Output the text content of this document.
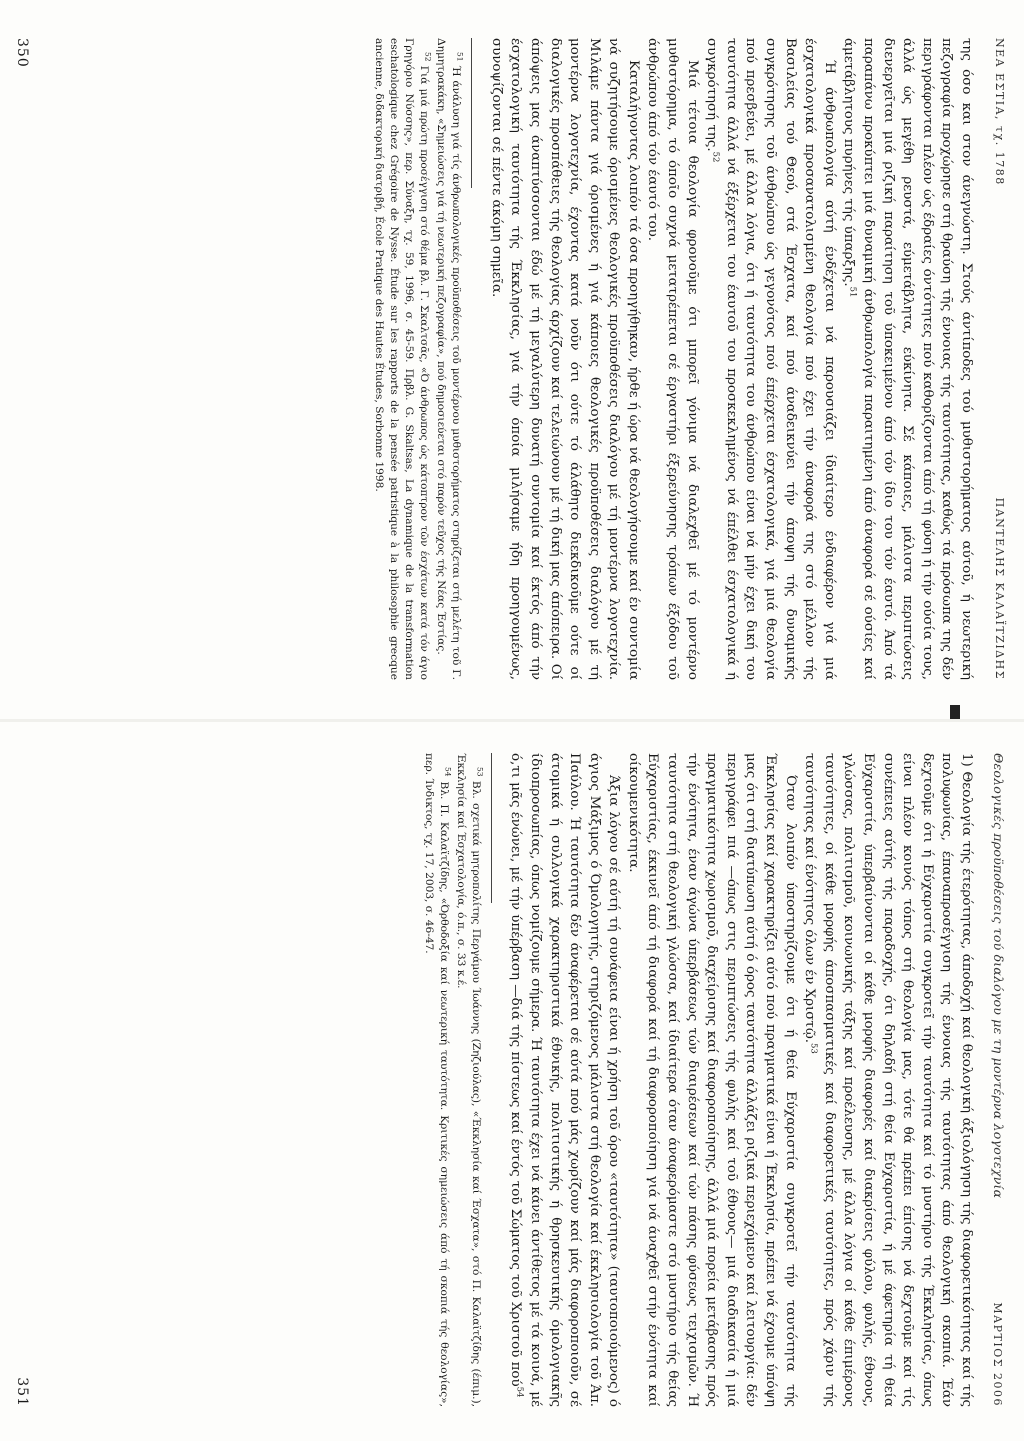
ΝΕΑ ΕΣΤΙΑ, τχ. 1788
ΠΑΝΤΕΛΗΣ ΚΑΛΑΪΤΖΙΔΗΣ

της όσο και στον άνεγνώστη. Στούς άντίποδες τού μυθιστορήματος αύτοῦ, ή νεωτερική πεζογραφία προχώρησε στή θραύση τῆς έννοιας τής ταυτότητας, καθώς τά πρόσωπα της δέν περιγράφονται πλέον ώς έδραίες όντότητες πού καθορίζονται άπό τή φύση ή τήν ούσία τους, άλλά ώς μεγέθη ρευστά, εύμετάβλητα, εύκίνητα. Σέ κάποιες, μάλιστα περιπτώσεις διενεργεῖται μιά ριζική παραίτηση τοῦ ύποκειμένου άπό τόν ίδιο του τόν έαυτό. Άπό τά παραπάνω προκύπτει μιά δυναμική άνθρωπολογία παραιτημένη άπό άναφορά σέ ούσίες καί άμετάβλητους πυρήνες τής ύπαρξης.$^{51}$

Ή άνθρωπολογία αύτή ένδέχεται νά παρουσιάζει ίδιαίτερο ένδιαφέρον γιά μιά έσχατολογικά προσανατολισμένη θεολογία πού έχει τήν άναφορά της στό μέλλον τής Βασιλείας τού Θεού, στά Έσχατα, καί πού άναδεικνύει τήν άποψη τής δυναμικής συγκρότησης τοῦ άνθρώπου ώς γεγονότος πού έπέρχεται έσχατολογικά, γιά μιά θεολογία πού πρεσβεύει, μέ άλλα λόγια, ότι ή ταυτότητα του άνθρώπου είναι νά μήν έχει δική του ταυτότητα άλλά νά έξέρχεται του έαυτοῦ του προσκεκλημένος νά έπέλθει έσχατολογικά ή συγκρότησή της.$^{52}$

Μιά τέτοια θεολογία φρονοῦμε ότι μπορεῖ γόνιμα νά διαλεχθεῖ μέ τό μοντέρνο μυθιστόρημα, τό όποῖο συχνά μετατρέπεται σέ έργαστήρι έξερεύνησης τρόπων έξόδου τοῦ άνθρώπου άπό τόν έαυτό του.

Καταλήγοντας λοιπόν τά όσα προηγήθηκαν, ήρθε ή ώρα νά θεολογήσουμε καί έν συντομία νά συζητήσουμε όρισμένες θεολογικές προϋποθέσεις διαλόγου μέ τή μοντέρνα λογοτεχνία. Μιλάμε πάντα γιά όρισμένες ή γιά κάποιες θεολογικές προϋποθέσεις διαλόγου μέ τή μοντέρνα λογοτεχνία, έχοντας κατά νοῦν ότι ούτε τό άλάθητο διεκδικοῦμε ούτε οί διαλογικές προσπάθειες τής θεολογίας άρχίζουν καί τελειώνουν μέ τή δική μας άπόπειρα. Οί άπόψεις μας άναπτύσσονται έδώ μέ τή μεγαλύτερη δυνατή συντομία καί έκτός άπό τήν έσχατολογική ταυτότητα τής Έκκλησίας, γιά τήν όποία μιλήσαμε ήδη προηγουμένως, συνοψίζονται σέ πέντε άκόμη σημεῖα.

$^{51}$ Ή άνάλυση γιά τίς άνθρωπολογικές προϋποθέσεις τοῦ μοντέρνου μυθιστορήματος στηρίζεται στή μελέτη τοῦ Γ. Δημητρακάκη, «Σημειώσεις γιά τή νεωτερική πεζογραφία», πού δημοσιεύεται στό παρόν τεῦχος τής Νέας Έστίας.

$^{52}$ Γιά μιά πρώτη προσέγγιση στό θέμα βλ. Γ. Σκαλτσᾶς, «Ό άνθρωπος ώς κάτοπτρον τῶν έσχάτων κατά τόν άγιο Γρηγόριο Νύσσης», περ. Σύναξη, τχ. 59, 1996, σ. 45-59. Πρβλ. G. Skaltsas, La dynamique de la transformation eschatologique chez Grégoire de Nysse. Étude sur les rapports de la pensée patristique à la philosophie grecque ancienne, διδακτορική διατριβή, École Pratique des Hautes Études, Sorbonne 1998.

350
Θεολογικές προϋποθέσεις τού διαλόγου με τη μοντέρνα λογοτεχνία
ΜΑΡΤΙΟΣ 2006

1) Θεολογία τής έτερότητας, άποδοχή καί θεολογική άξιολόγηση τής διαφορετικότητας καί τής πολυφωνίας, έπαναπροσέγγιση τής έννοιας τής ταυτότητας άπό θεολογική σκοπιά. Έάν δεχτοῦμε ότι ή Εύχαριστία συγκροτεῖ τήν ταυτότητα καί τό μυστήριο τής Έκκλησίας, όπως είναι πλέον κοινός τόπος στή θεολογία μας, τότε θά πρέπει έπίσης νά δεχτοῦμε καί τίς συνέπειες αύτής τής παραδοχής, ότι δηλαδή στή θεία Εύχαριστία, ή μέ άφετηρία τή θεία Εύχαριστία, ύπερβαίνονται οί κάθε μορφής διαφορές καί διακρίσεις φύλου, φυλής, έθνους, γλώσσας, πολιτισμοῦ, κοινωνικής τάξης καί προέλευσης, μέ άλλα λόγια οί κάθε έπιμέρους ταυτότητες, οί κάθε μορφής άποσπασματικές καί διαφορετικές ταυτότητες, πρός χάριν τής ταυτότητας καί ένότητος όλων έν Χριστῷ.$^{53}$

Όταν λοιπόν ύποστηρίζουμε ότι ή θεία Εύχαριστία συγκροτεῖ τήν ταυτότητα τής Έκκλησίας καί χαρακτηρίζει αύτό πού πραγματικά είναι ή Έκκλησία, πρέπει νά έχουμε ύπόψη μας ότι στή διατύπωση αύτή ό όρος ταυτότητα άλλάζει ριζικά περιεχόμενο καί λειτουργία: δέν περιγράφει πιά —όπως στις περιπτώσεις τής φυλής καί τοῦ έθνους— μιά διαδικασία ή μιά πραγματικότητα χωρισμοῦ, διαχείρισης καί διαφοροποίησης, άλλά μιά πορεία μετάβασης πρός τήν ένότητα, έναν άγώνα ύπερβάσεως τών διαιρέσεων καί τών πάσης φύσεως τειχισμῶν. Ή ταυτότητα στή θεολογική γλώσσα, καί ίδιαίτερα όταν άναφερόμαστε στό μυστήριο τής θείας Εύχαριστίας, έκκινεῖ άπό τή διαφορά καί τή διαφοροποίηση γιά νά άναχθεῖ στήν ένότητα καί οίκουμενικότητα.

Άξια λόγου σέ αύτή τή συνάφεια είναι ή χρήση τοῦ όρου «ταυτότητα» (ταυτοποιούμενος) ό άγιος Μάξιμος ό Όμολογητής, στηριζόμενος μάλιστα στή θεολογία καί έκκλησιολογία τοῦ Άπ. Παύλου. Ή ταυτότητα δέν άναφέρεται σέ αύτά πού μάς χωρίζουν καί μάς διαφοροποιοῦν, σέ άτομικά ή συλλογικά χαρακτηριστικά έθνικής, πολιτιστικής ή θρησκευτικής όμολογιακῆς ίδιοπροσωπίας, όπως νομίζουμε σήμερα. Ή ταυτότητα έχει νά κάνει άντίθετος μέ τά κοινά, μέ ό,τι μᾶς ένώνει, μέ τήν ύπέρβαση —διά τής πίστεως καί έντός τοῦ Σώματος τοῦ Χριστοῦ πού$^{54}$

$^{53}$ Βλ. σχετικά μητροπολίτης Περγάμου Ίωάννης (Ζηζιούλας), «Έκκλησία καί Έσχατα», στό Π. Καλαϊτζίδης (έπιμ.), Έκκλησία καί Έσχατολογία, ό.π., σ. 33 κ.έ.

$^{54}$ Βλ. Π. Καλαϊτζίδης, «Όρθοδοξία καί νεωτερική ταυτότητα. Κριτικές σημειώσεις άπό τή σκοπιά τής θεολογίας», περ. Ίνδικτος, τχ. 17, 2003, σ. 46-47.

351
